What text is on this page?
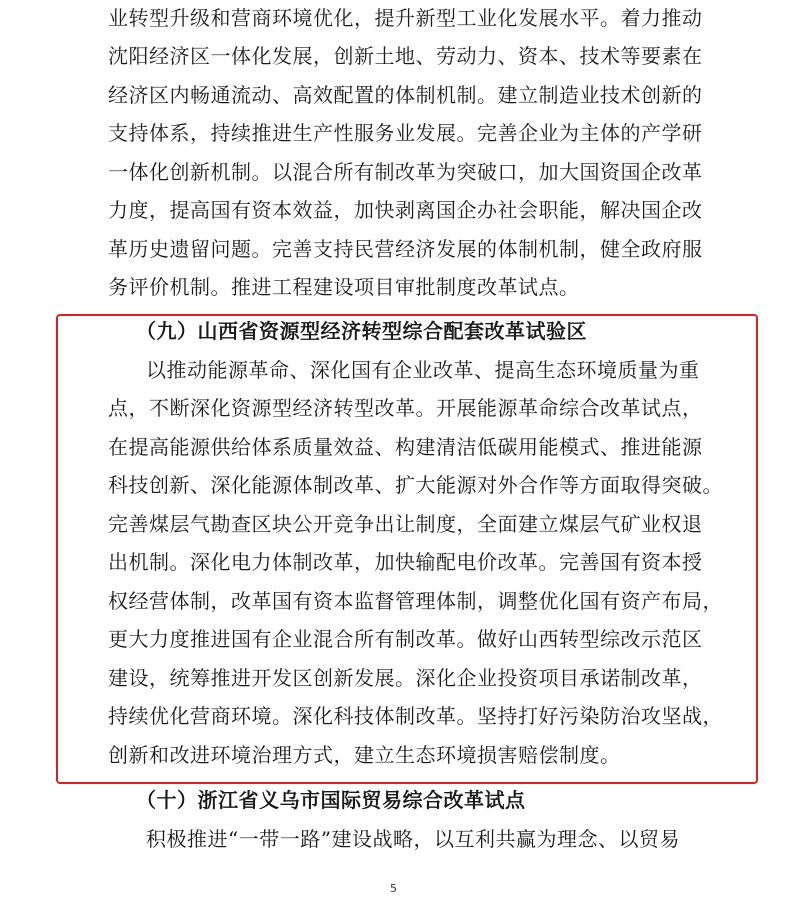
业转型升级和营商环境优化，提升新型工业化发展水平。着力推动
沈阳经济区一体化发展，创新土地、劳动力、资本、技术等要素在
经济区内畅通流动、高效配置的体制机制。建立制造业技术创新的
支持体系，持续推进生产性服务业发展。完善企业为主体的产学研
一体化创新机制。以混合所有制改革为突破口，加大国资国企改革
力度，提高国有资本效益，加快剥离国企办社会职能，解决国企改
革历史遗留问题。完善支持民营经济发展的体制机制，健全政府服
务评价机制。推进工程建设项目审批制度改革试点。
（九）山西省资源型经济转型综合配套改革试验区
以推动能源革命、深化国有企业改革、提高生态环境质量为重
点，不断深化资源型经济转型改革。开展能源革命综合改革试点，
在提高能源供给体系质量效益、构建清洁低碳用能模式、推进能源
科技创新、深化能源体制改革、扩大能源对外合作等方面取得突破。
完善煤层气勘查区块公开竞争出让制度，全面建立煤层气矿业权退
出机制。深化电力体制改革，加快输配电价改革。完善国有资本授
权经营体制，改革国有资本监督管理体制，调整优化国有资产布局，
更大力度推进国有企业混合所有制改革。做好山西转型综改示范区
建设，统筹推进开发区创新发展。深化企业投资项目承诺制改革，
持续优化营商环境。深化科技体制改革。坚持打好污染防治攻坚战，
创新和改进环境治理方式，建立生态环境损害赔偿制度。
（十）浙江省义乌市国际贸易综合改革试点
积极推进“一带一路”建设战略，以互利共赢为理念、以贸易
5
